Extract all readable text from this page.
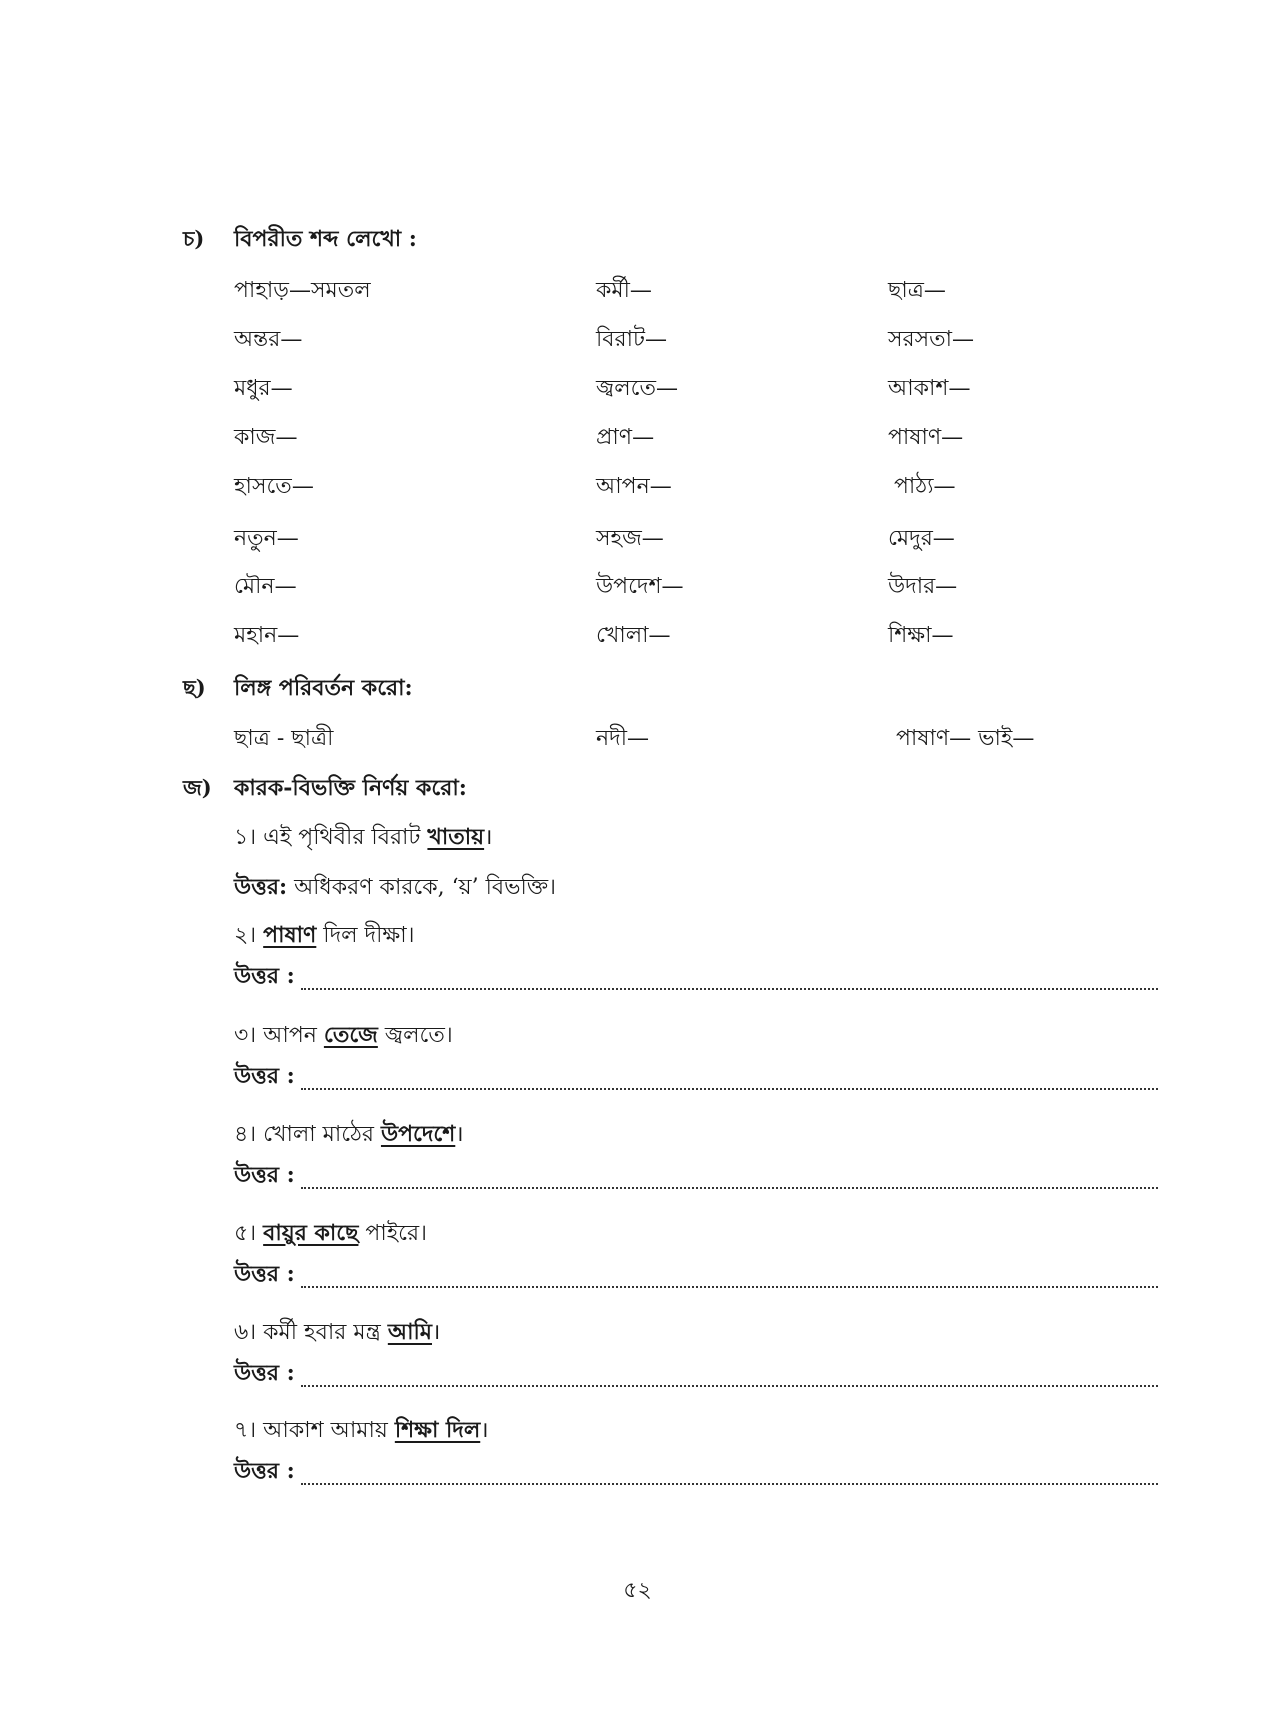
চ) বিপরীত শব্দ লেখো :
পাহাড়—সমতল	কর্মী—	ছাত্র—
অন্তর—	বিরাট—	সরসতা—
মধুর—	জ্বলতে—	আকাশ—
কাজ—	প্রাণ—	পাষাণ—
হাসতে—	আপন—	পাঠ্য—
নতুন—	সহজ—	মেদুর—
মৌন—	উপদেশ—	উদার—
মহান—	খোলা—	শিক্ষা—
ছ) লিঙ্গ পরিবর্তন করো:
ছাত্র - ছাত্রী	নদী—	পাষাণ— ভাই—
জ) কারক-বিভক্তি নির্ণয় করো:
১। এই পৃথিবীর বিরাট খাতায়।
উত্তর: অধিকরণ কারকে, ‘য়’ বিভক্তি।
২। পাষাণ দিল দীক্ষা।
উত্তর :
৩। আপন তেজে জ্বলতে।
উত্তর :
৪। খোলা মাঠের উপদেশে।
উত্তর :
৫। বায়ুর কাছে পাইরে।
উত্তর :
৬। কর্মী হবার মন্ত্র আমি।
উত্তর :
৭। আকাশ আমায় শিক্ষা দিল।
উত্তর :
৫২
